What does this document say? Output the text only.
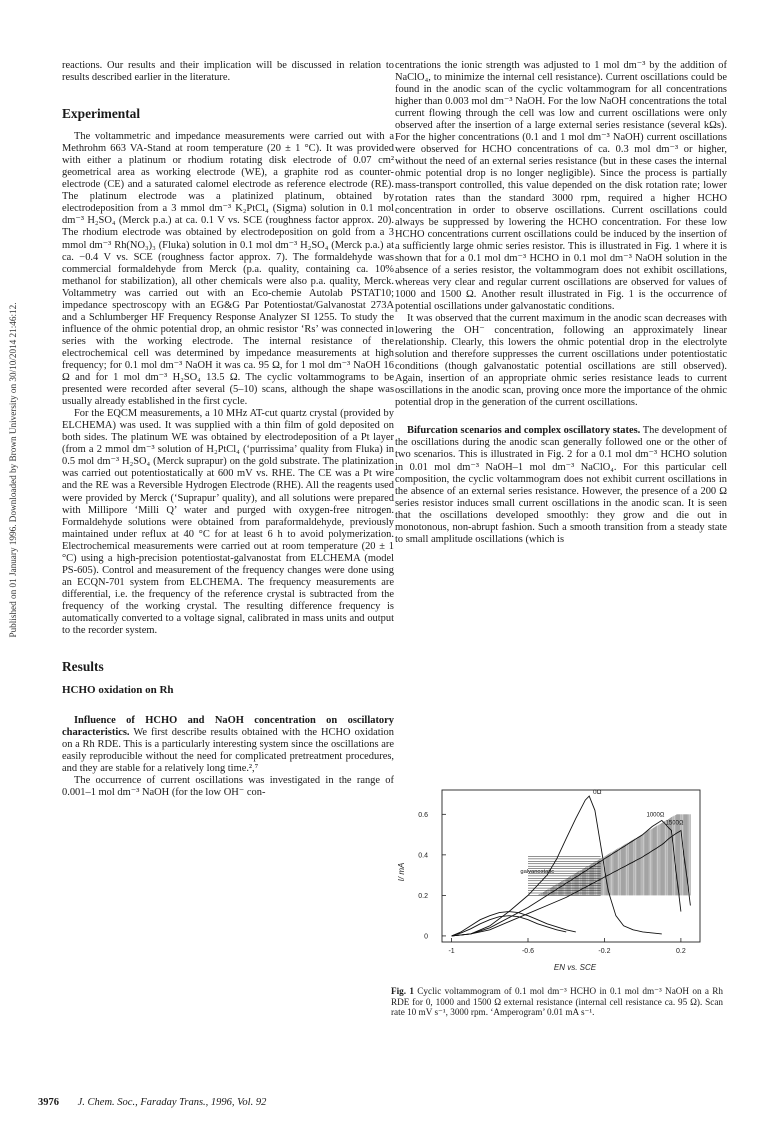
Published on 01 January 1996. Downloaded by Brown University on 30/10/2014 21:46:12.

reactions. Our results and their implication will be discussed in relation to results described earlier in the literature.

Experimental

The voltammetric and impedance measurements were carried out with a Methrohm 663 VA-Stand at room temperature (20 ± 1 °C). It was provided with either a platinum or rhodium rotating disk electrode of 0.07 cm² geometrical area as working electrode (WE), a graphite rod as counter-electrode (CE) and a saturated calomel electrode as reference electrode (RE). The platinum electrode was a platinized platinum, obtained by electrodeposition from a 3 mmol dm⁻³ K₂PtCl₄ (Sigma) solution in 0.1 mol dm⁻³ H₂SO₄ (Merck p.a.) at ca. 0.1 V vs. SCE (roughness factor approx. 20). The rhodium electrode was obtained by electrodeposition on gold from a 3 mmol dm⁻³ Rh(NO₃)₃ (Fluka) solution in 0.1 mol dm⁻³ H₂SO₄ (Merck p.a.) at ca. −0.4 V vs. SCE (roughness factor approx. 7). The formaldehyde was commercial formaldehyde from Merck (p.a. quality, containing ca. 10% methanol for stabilization), all other chemicals were also p.a. quality, Merck. Voltammetry was carried out with an Eco-chemie Autolab PSTAT10; impedance spectroscopy with an EG&G Par Potentiostat/Galvanostat 273A and a Schlumberger HF Frequency Response Analyzer SI 1255. To study the influence of the ohmic potential drop, an ohmic resistor ‘Rs’ was connected in series with the working electrode. The internal resistance of the electrochemical cell was determined by impedance measurements at high frequency; for 0.1 mol dm⁻³ NaOH it was ca. 95 Ω, for 1 mol dm⁻³ NaOH 16 Ω and for 1 mol dm⁻³ H₂SO₄ 13.5 Ω. The cyclic voltammograms to be presented were recorded after several (5–10) scans, although the shape was usually already established in the first cycle.

For the EQCM measurements, a 10 MHz AT-cut quartz crystal (provided by ELCHEMA) was used. It was supplied with a thin film of gold deposited on both sides. The platinum WE was obtained by electrodeposition of a Pt layer (from a 2 mmol dm⁻³ solution of H₂PtCl₄ (‘purrissima’ quality from Fluka) in 0.5 mol dm⁻³ H₂SO₄ (Merck suprapur) on the gold substrate. The platinization was carried out potentiostatically at 600 mV vs. RHE. The CE was a Pt wire and the RE was a Reversible Hydrogen Electrode (RHE). All the reagents used were provided by Merck (‘Suprapur’ quality), and all solutions were prepared with Millipore ‘Milli Q’ water and purged with oxygen-free nitrogen. Formaldehyde solutions were obtained from paraformaldehyde, previously maintained under reflux at 40 °C for at least 6 h to avoid polymerization. Electrochemical measurements were carried out at room temperature (20 ± 1 °C) using a high-precision potentiostat-galvanostat from ELCHEMA (model PS-605). Control and measurement of the frequency changes were done using an ECQN-701 system from ELCHEMA. The frequency measurements are differential, i.e. the frequency of the reference crystal is subtracted from the frequency of the working crystal. The resulting difference frequency is automatically converted to a voltage signal, calibrated in mass units and output to the recorder system.

Results
HCHO oxidation on Rh

Influence of HCHO and NaOH concentration on oscillatory characteristics. We first describe results obtained with the HCHO oxidation on a Rh RDE. This is a particularly interesting system since the oscillations are easily reproducible without the need for complicated pretreatment procedures, and they are stable for a relatively long time.²,⁷

The occurrence of current oscillations was investigated in the range of 0.001–1 mol dm⁻³ NaOH (for the low OH⁻ con-

centrations the ionic strength was adjusted to 1 mol dm⁻³ by the addition of NaClO₄, to minimize the internal cell resistance). Current oscillations could be found in the anodic scan of the cyclic voltammogram for all concentrations higher than 0.003 mol dm⁻³ NaOH. For the low NaOH concentrations the total current flowing through the cell was low and current oscillations were only observed after the insertion of a large external series resistance (several kΩs). For the higher concentrations (0.1 and 1 mol dm⁻³ NaOH) current oscillations were observed for HCHO concentrations of ca. 0.3 mol dm⁻³ or higher, without the need of an external series resistance (but in these cases the internal ohmic potential drop is no longer negligible). Since the process is partially mass-transport controlled, this value depended on the disk rotation rate; lower rotation rates than the standard 3000 rpm, required a higher HCHO concentration in order to observe oscillations. Current oscillations could always be suppressed by lowering the HCHO concentration. For these low HCHO concentrations current oscillations could be induced by the insertion of a sufficiently large ohmic series resistor. This is illustrated in Fig. 1 where it is shown that for a 0.1 mol dm⁻³ HCHO in 0.1 mol dm⁻³ NaOH solution in the absence of a series resistor, the voltammogram does not exhibit oscillations, whereas very clear and regular current oscillations are observed for values of 1000 and 1500 Ω. Another result illustrated in Fig. 1 is the occurrence of potential oscillations under galvanostatic conditions.

It was observed that the current maximum in the anodic scan decreases with lowering the OH⁻ concentration, following an approximately linear relationship. Clearly, this lowers the ohmic potential drop in the electrolyte solution and therefore suppresses the current oscillations under potentiostatic conditions (though galvanostatic potential oscillations are still observed). Again, insertion of an appropriate ohmic series resistance leads to current oscillations in the anodic scan, proving once more the importance of the ohmic potential drop in the generation of the current oscillations.

Bifurcation scenarios and complex oscillatory states. The development of the oscillations during the anodic scan generally followed one or the other of two scenarios. This is illustrated in Fig. 2 for a 0.1 mol dm⁻³ HCHO solution in 0.01 mol dm⁻³ NaOH–1 mol dm⁻³ NaClO₄. For this particular cell composition, the cyclic voltammogram does not exhibit current oscillations in the absence of an external series resistance. However, the presence of a 200 Ω series resistor induces small current oscillations in the anodic scan. It is seen that the oscillations developed smoothly: they grow and die out in monotonous, non-abrupt fashion. Such a smooth transition from a steady state to small amplitude oscillations (which is

-1	-0.6	-0.2	0.2
0
0.2
0.4
0.6
EN vs. SCE
I/ mA
0Ω
1000Ω
1500Ω
galvanostatic
Fig. 1 Cyclic voltammogram of 0.1 mol dm⁻³ HCHO in 0.1 mol dm⁻³ NaOH on a Rh RDE for 0, 1000 and 1500 Ω external resistance (internal cell resistance ca. 95 Ω). Scan rate 10 mV s⁻¹, 3000 rpm. ‘Amperogram’ 0.01 mA s⁻¹.
3976 J. Chem. Soc., Faraday Trans., 1996, Vol. 92
